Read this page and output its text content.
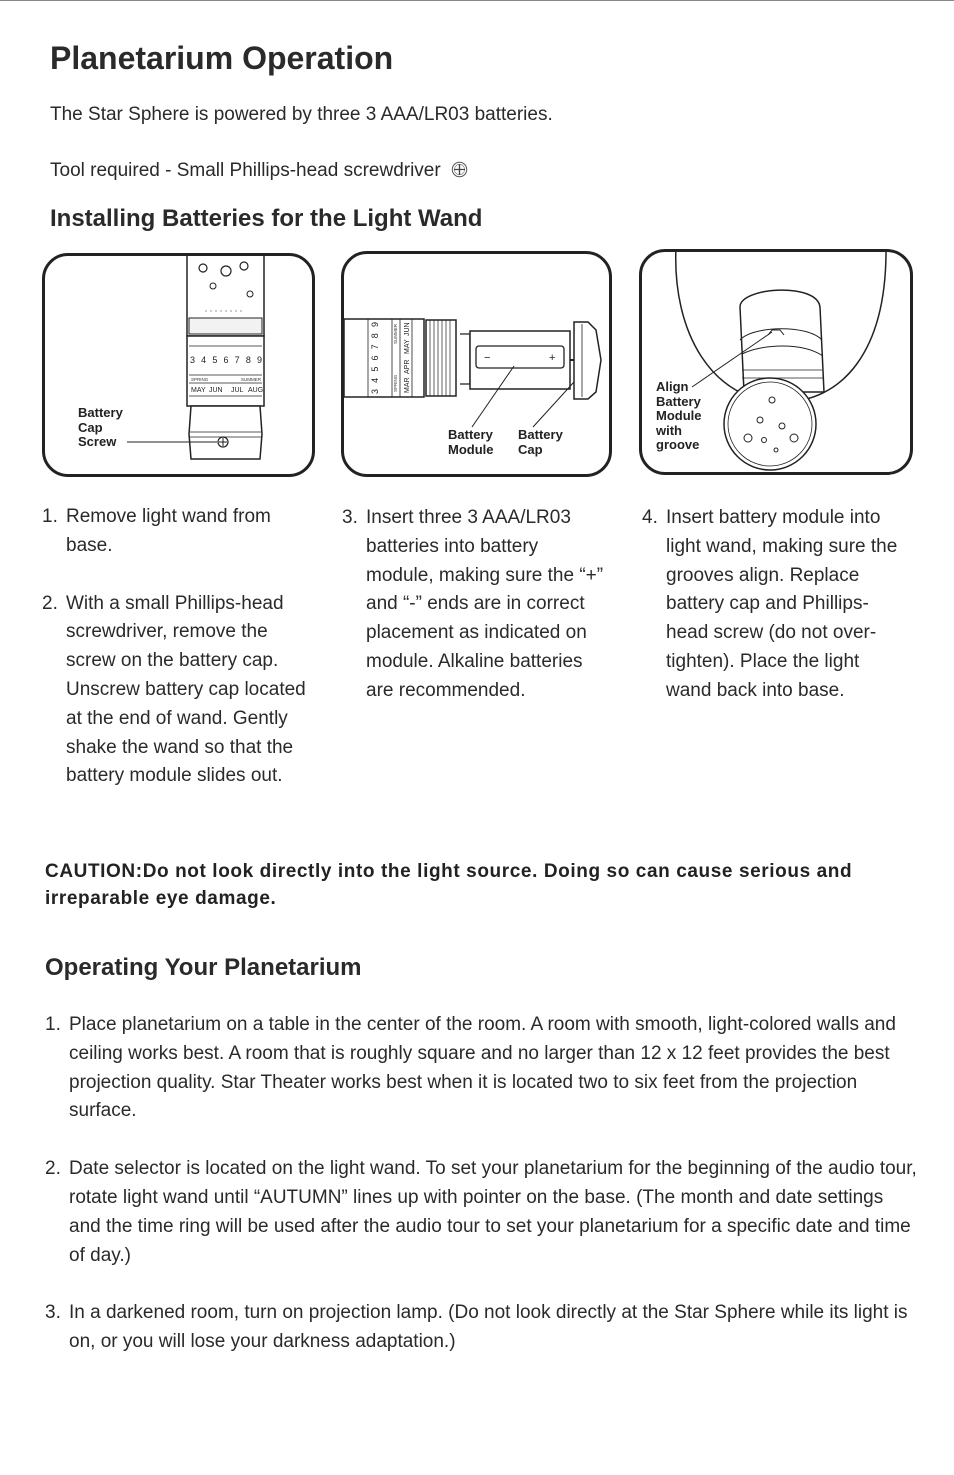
Planetarium Operation

The Star Sphere is powered by three 3 AAA/LR03 batteries.

Tool required - Small Phillips-head screwdriver

Installing Batteries for the Light Wand
3 4 5 6 7 8 9
SPRING	SUMMER
MAY JUN JUL AUG
Battery
Cap
Screw
3 4 5 6 7 8 9
SPRING
SUMMER
MAR
APR
MAY
JUN
−	+
Battery
Module
Battery
Cap
Align
Battery
Module
with
groove
1. Remove light wand from base.
2. With a small Phillips-head screwdriver, remove the screw on the battery cap. Unscrew battery cap located at the end of wand. Gently shake the wand so that the battery module slides out.
3. Insert three 3 AAA/LR03 batteries into battery module, making sure the “+” and “-” ends are in correct placement as indicated on module. Alkaline batteries are recommended.
4. Insert battery module into light wand, making sure the grooves align. Replace battery cap and Phillips-head screw (do not over-tighten). Place the light wand back into base.

CAUTION:Do not look directly into the light source. Doing so can cause serious and irreparable eye damage.

Operating Your Planetarium
1. Place planetarium on a table in the center of the room. A room with smooth, light-colored walls and ceiling works best. A room that is roughly square and no larger than 12 x 12 feet provides the best projection quality. Star Theater works best when it is located two to six feet from the projection surface.
2. Date selector is located on the light wand. To set your planetarium for the beginning of the audio tour, rotate light wand until “AUTUMN” lines up with pointer on the base. (The month and date settings and the time ring will be used after the audio tour to set your planetarium for a speciﬁc date and time of day.)
3. In a darkened room, turn on projection lamp. (Do not look directly at the Star Sphere while its light is on, or you will lose your darkness adaptation.)
